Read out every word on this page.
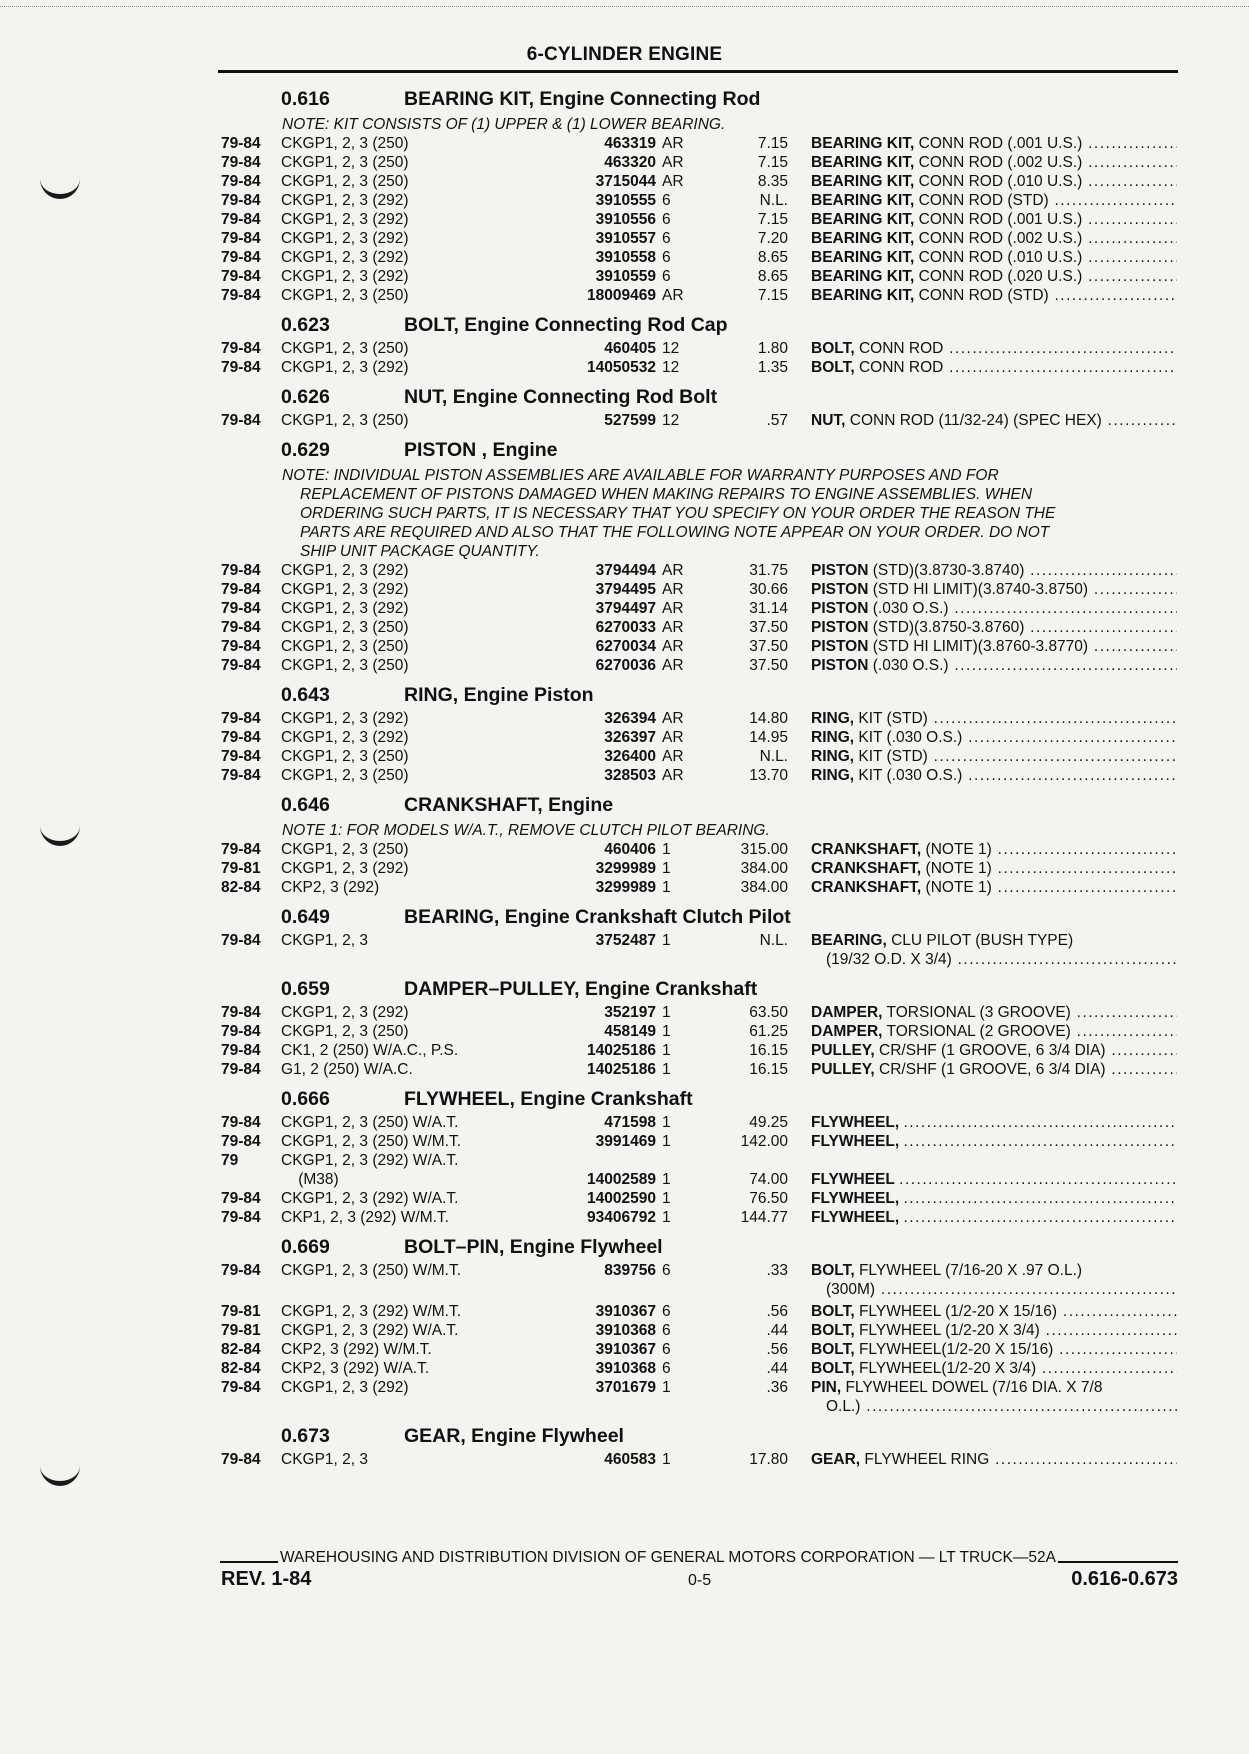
6-CYLINDER ENGINE
0.616	BEARING KIT, Engine Connecting Rod
NOTE: KIT CONSISTS OF (1) UPPER & (1) LOWER BEARING.
79-84 CKGP1, 2, 3 (250)	463319 AR	7.15 BEARING KIT, CONN ROD (.001 U.S.) .....
79-84 CKGP1, 2, 3 (250)	463320 AR	7.15 BEARING KIT, CONN ROD (.002 U.S.) .....
79-84 CKGP1, 2, 3 (250)	3715044 AR	8.35 BEARING KIT, CONN ROD (.010 U.S.) .....
79-84 CKGP1, 2, 3 (292)	3910555 6	N.L. BEARING KIT, CONN ROD (STD) .....
79-84 CKGP1, 2, 3 (292)	3910556 6	7.15 BEARING KIT, CONN ROD (.001 U.S.) .....
79-84 CKGP1, 2, 3 (292)	3910557 6	7.20 BEARING KIT, CONN ROD (.002 U.S.) .....
79-84 CKGP1, 2, 3 (292)	3910558 6	8.65 BEARING KIT, CONN ROD (.010 U.S.) .....
79-84 CKGP1, 2, 3 (292)	3910559 6	8.65 BEARING KIT, CONN ROD (.020 U.S.) .....
79-84 CKGP1, 2, 3 (250)	18009469 AR	7.15 BEARING KIT, CONN ROD (STD) .....
0.623	BOLT, Engine Connecting Rod Cap
79-84 CKGP1, 2, 3 (250)	460405 12	1.80 BOLT, CONN ROD .....
79-84 CKGP1, 2, 3 (292)	14050532 12	1.35 BOLT, CONN ROD .....
0.626	NUT, Engine Connecting Rod Bolt
79-84 CKGP1, 2, 3 (250)	527599 12	.57 NUT, CONN ROD (11/32-24) (SPEC HEX) .....
0.629	PISTON , Engine
NOTE: INDIVIDUAL PISTON ASSEMBLIES ARE AVAILABLE FOR WARRANTY PURPOSES AND FOR

REPLACEMENT OF PISTONS DAMAGED WHEN MAKING REPAIRS TO ENGINE ASSEMBLIES. WHEN
ORDERING SUCH PARTS, IT IS NECESSARY THAT YOU SPECIFY ON YOUR ORDER THE REASON THE
PARTS ARE REQUIRED AND ALSO THAT THE FOLLOWING NOTE APPEAR ON YOUR ORDER. DO NOT
SHIP UNIT PACKAGE QUANTITY.
79-84 CKGP1, 2, 3 (292)	3794494 AR	31.75 PISTON (STD)(3.8730-3.8740) .....
79-84 CKGP1, 2, 3 (292)	3794495 AR	30.66 PISTON (STD HI LIMIT)(3.8740-3.8750) .....
79-84 CKGP1, 2, 3 (292)	3794497 AR	31.14 PISTON (.030 O.S.) .....
79-84 CKGP1, 2, 3 (250)	6270033 AR	37.50 PISTON (STD)(3.8750-3.8760) .....
79-84 CKGP1, 2, 3 (250)	6270034 AR	37.50 PISTON (STD HI LIMIT)(3.8760-3.8770) .....
79-84 CKGP1, 2, 3 (250)	6270036 AR	37.50 PISTON (.030 O.S.) .....
0.643	RING, Engine Piston
79-84 CKGP1, 2, 3 (292)	326394 AR	14.80 RING, KIT (STD) .....
79-84 CKGP1, 2, 3 (292)	326397 AR	14.95 RING, KIT (.030 O.S.) .....
79-84 CKGP1, 2, 3 (250)	326400 AR	N.L. RING, KIT (STD) .....
79-84 CKGP1, 2, 3 (250)	328503 AR	13.70 RING, KIT (.030 O.S.) .....
0.646	CRANKSHAFT, Engine
NOTE 1: FOR MODELS W/A.T., REMOVE CLUTCH PILOT BEARING.
79-84 CKGP1, 2, 3 (250)	460406 1	315.00 CRANKSHAFT, (NOTE 1) .....
79-81 CKGP1, 2, 3 (292)	3299989 1	384.00 CRANKSHAFT, (NOTE 1) .....
82-84 CKP2, 3 (292)	3299989 1	384.00 CRANKSHAFT, (NOTE 1) .....
0.649	BEARING, Engine Crankshaft Clutch Pilot
79-84 CKGP1, 2, 3	3752487 1	N.L. BEARING, CLU PILOT (BUSH TYPE)
(19/32 O.D. X 3/4) .....
0.659	DAMPER–PULLEY, Engine Crankshaft
79-84 CKGP1, 2, 3 (292)	352197 1	63.50 DAMPER, TORSIONAL (3 GROOVE) .....
79-84 CKGP1, 2, 3 (250)	458149 1	61.25 DAMPER, TORSIONAL (2 GROOVE) .....
79-84 CK1, 2 (250) W/A.C., P.S.	14025186 1	16.15 PULLEY, CR/SHF (1 GROOVE, 6 3/4 DIA) .....
79-84 G1, 2 (250) W/A.C.	14025186 1	16.15 PULLEY, CR/SHF (1 GROOVE, 6 3/4 DIA) .....
0.666	FLYWHEEL, Engine Crankshaft
79-84 CKGP1, 2, 3 (250) W/A.T.	471598 1	49.25 FLYWHEEL, .....
79-84 CKGP1, 2, 3 (250) W/M.T.	3991469 1	142.00 FLYWHEEL, .....
79	CKGP1, 2, 3 (292) W/A.T.
(M38)	14002589 1	74.00 FLYWHEEL .....
79-84 CKGP1, 2, 3 (292) W/A.T.	14002590 1	76.50 FLYWHEEL, .....
79-84 CKP1, 2, 3 (292) W/M.T.	93406792 1	144.77 FLYWHEEL, .....
0.669	BOLT–PIN, Engine Flywheel
79-84 CKGP1, 2, 3 (250) W/M.T.	839756 6	.33 BOLT, FLYWHEEL (7/16-20 X .97 O.L.)
(300M) .....
79-81 CKGP1, 2, 3 (292) W/M.T.	3910367 6	.56 BOLT, FLYWHEEL (1/2-20 X 15/16) .....
79-81 CKGP1, 2, 3 (292) W/A.T.	3910368 6	.44 BOLT, FLYWHEEL (1/2-20 X 3/4) .....
82-84 CKP2, 3 (292) W/M.T.	3910367 6	.56 BOLT, FLYWHEEL(1/2-20 X 15/16) .....
82-84 CKP2, 3 (292) W/A.T.	3910368 6	.44 BOLT, FLYWHEEL(1/2-20 X 3/4) .....
79-84 CKGP1, 2, 3 (292)	3701679 1	.36 PIN, FLYWHEEL DOWEL (7/16 DIA. X 7/8
O.L.) .....
0.673	GEAR, Engine Flywheel
79-84 CKGP1, 2, 3	460583 1	17.80 GEAR, FLYWHEEL RING .....
WAREHOUSING AND DISTRIBUTION DIVISION OF GENERAL MOTORS CORPORATION — LT TRUCK—52A
REV. 1-84	0-5	0.616-0.673
